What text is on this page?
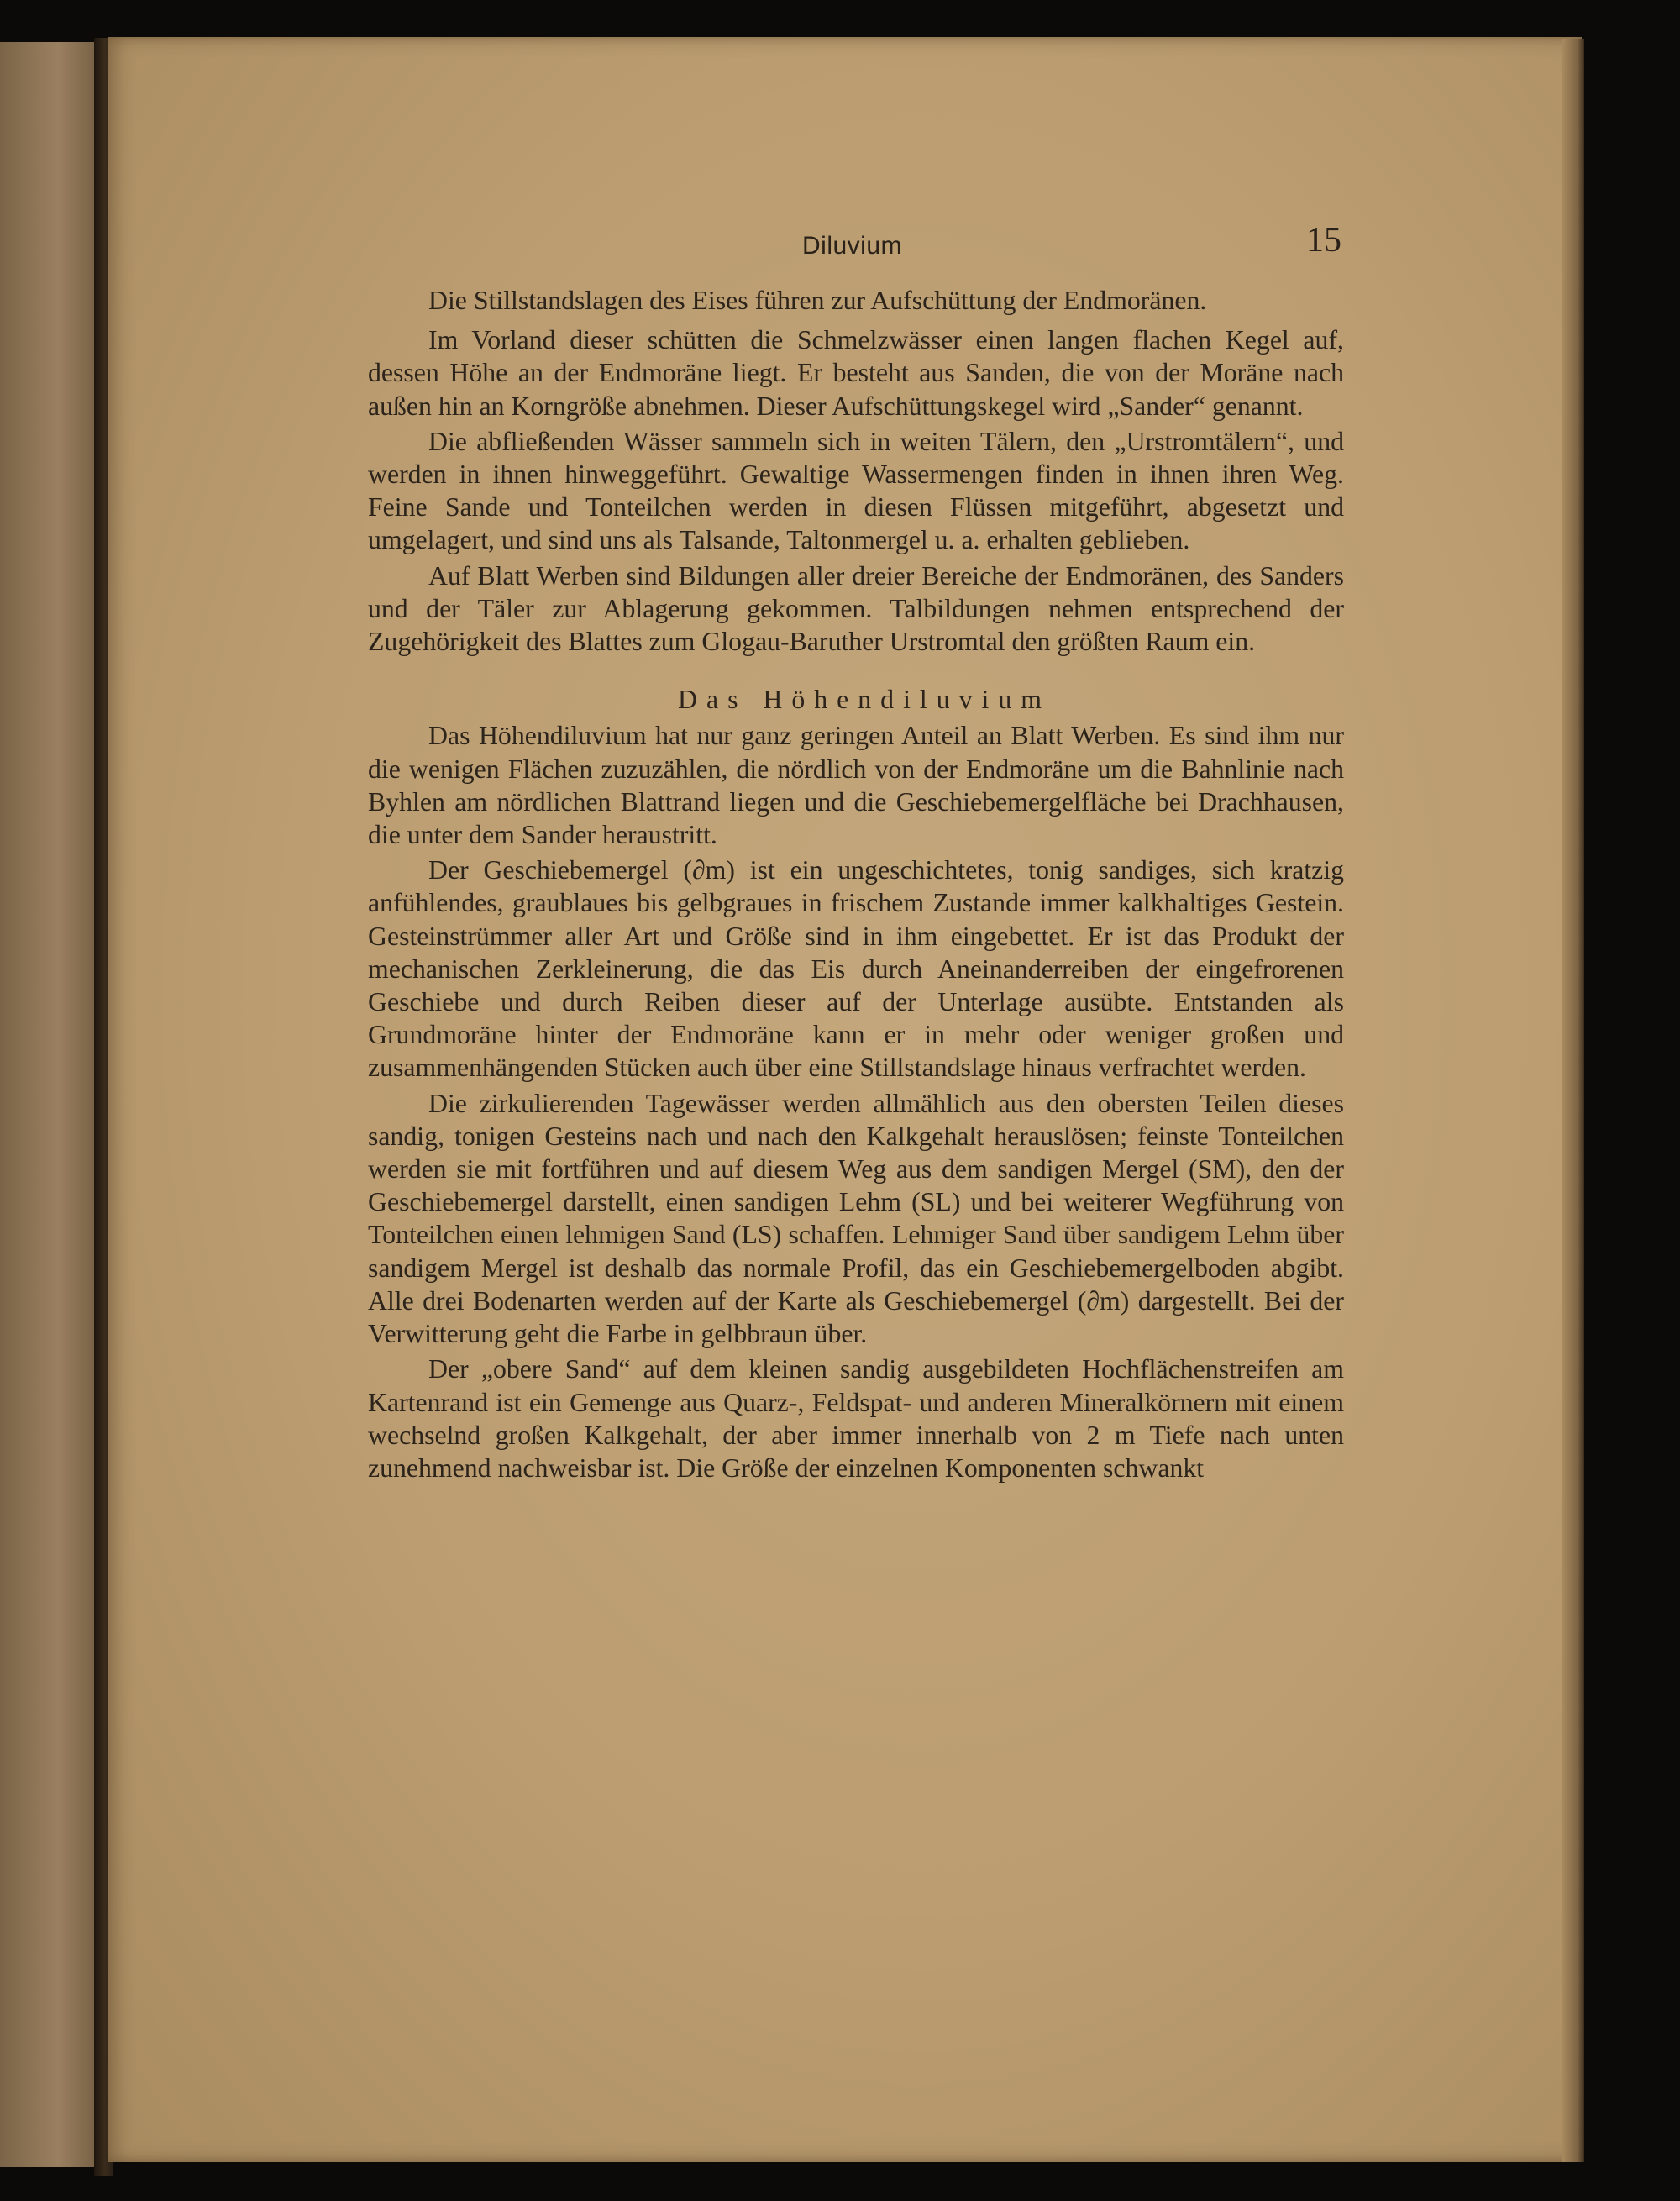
Diluvium	15

Die Stillstandslagen des Eises führen zur Aufschüttung der Endmoränen.

Im Vorland dieser schütten die Schmelzwässer einen langen flachen Kegel auf, dessen Höhe an der Endmoräne liegt. Er besteht aus Sanden, die von der Moräne nach außen hin an Korngröße abnehmen. Dieser Aufschüttungskegel wird „Sander“ genannt.

Die abfließenden Wässer sammeln sich in weiten Tälern, den „Urstromtälern“, und werden in ihnen hinweggeführt. Gewaltige Wassermengen finden in ihnen ihren Weg. Feine Sande und Tonteilchen werden in diesen Flüssen mitgeführt, abgesetzt und umgelagert, und sind uns als Talsande, Taltonmergel u. a. erhalten geblieben.

Auf Blatt Werben sind Bildungen aller dreier Bereiche der Endmoränen, des Sanders und der Täler zur Ablagerung gekommen. Talbildungen nehmen entsprechend der Zugehörigkeit des Blattes zum Glogau-Baruther Urstromtal den größten Raum ein.

Das Höhendiluvium

Das Höhendiluvium hat nur ganz geringen Anteil an Blatt Werben. Es sind ihm nur die wenigen Flächen zuzuzählen, die nördlich von der Endmoräne um die Bahnlinie nach Byhlen am nördlichen Blattrand liegen und die Geschiebemergelfläche bei Drachhausen, die unter dem Sander heraustritt.

Der Geschiebemergel (∂m) ist ein ungeschichtetes, tonig sandiges, sich kratzig anfühlendes, graublaues bis gelbgraues in frischem Zustande immer kalkhaltiges Gestein. Gesteinstrümmer aller Art und Größe sind in ihm eingebettet. Er ist das Produkt der mechanischen Zerkleinerung, die das Eis durch Aneinanderreiben der eingefrorenen Geschiebe und durch Reiben dieser auf der Unterlage ausübte. Entstanden als Grundmoräne hinter der Endmoräne kann er in mehr oder weniger großen und zusammenhängenden Stücken auch über eine Stillstandslage hinaus verfrachtet werden.

Die zirkulierenden Tagewässer werden allmählich aus den obersten Teilen dieses sandig, tonigen Gesteins nach und nach den Kalkgehalt herauslösen; feinste Tonteilchen werden sie mit fortführen und auf diesem Weg aus dem sandigen Mergel (SM), den der Geschiebemergel darstellt, einen sandigen Lehm (SL) und bei weiterer Wegführung von Tonteilchen einen lehmigen Sand (LS) schaffen. Lehmiger Sand über sandigem Lehm über sandigem Mergel ist deshalb das normale Profil, das ein Geschiebemergelboden abgibt. Alle drei Bodenarten werden auf der Karte als Geschiebemergel (∂m) dargestellt. Bei der Verwitterung geht die Farbe in gelbbraun über.

Der „obere Sand“ auf dem kleinen sandig ausgebildeten Hochflächenstreifen am Kartenrand ist ein Gemenge aus Quarz-, Feldspat- und anderen Mineralkörnern mit einem wechselnd großen Kalkgehalt, der aber immer innerhalb von 2 m Tiefe nach unten zunehmend nachweisbar ist. Die Größe der einzelnen Komponenten schwankt
